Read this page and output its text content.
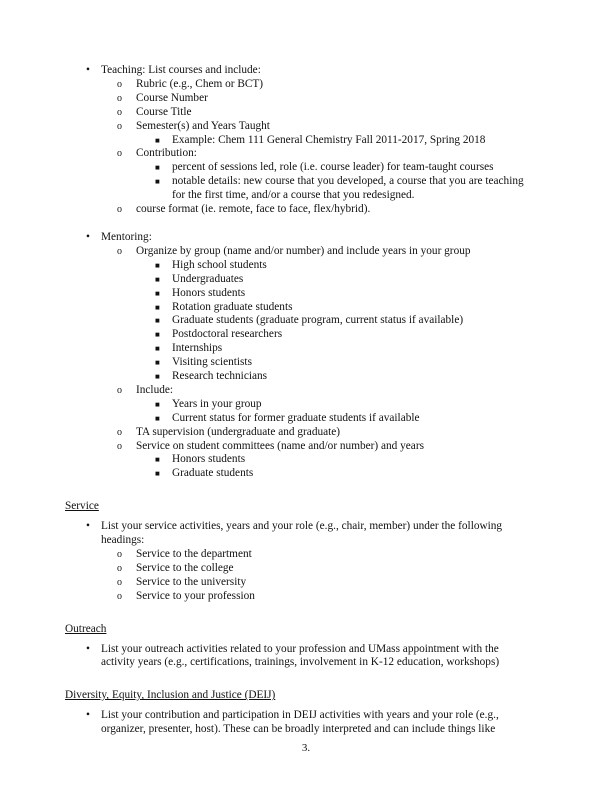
• Teaching: List courses and include:
o Rubric (e.g., Chem or BCT)
o Course Number
o Course Title
o Semester(s) and Years Taught
■ Example: Chem 111 General Chemistry Fall 2011-2017, Spring 2018
o Contribution:
■ percent of sessions led, role (i.e. course leader) for team-taught courses
■ notable details: new course that you developed, a course that you are teaching for the first time, and/or a course that you redesigned.
o course format (ie. remote, face to face, flex/hybrid).
• Mentoring:
o Organize by group (name and/or number) and include years in your group
■ High school students
■ Undergraduates
■ Honors students
■ Rotation graduate students
■ Graduate students (graduate program, current status if available)
■ Postdoctoral researchers
■ Internships
■ Visiting scientists
■ Research technicians
o Include:
■ Years in your group
■ Current status for former graduate students if available
o TA supervision (undergraduate and graduate)
o Service on student committees (name and/or number) and years
■ Honors students
■ Graduate students
Service
• List your service activities, years and your role (e.g., chair, member) under the following headings:
o Service to the department
o Service to the college
o Service to the university
o Service to your profession
Outreach
• List your outreach activities related to your profession and UMass appointment with the activity years (e.g., certifications, trainings, involvement in K-12 education, workshops)
Diversity, Equity, Inclusion and Justice (DEIJ)
• List your contribution and participation in DEIJ activities with years and your role (e.g., organizer, presenter, host). These can be broadly interpreted and can include things like
3.
